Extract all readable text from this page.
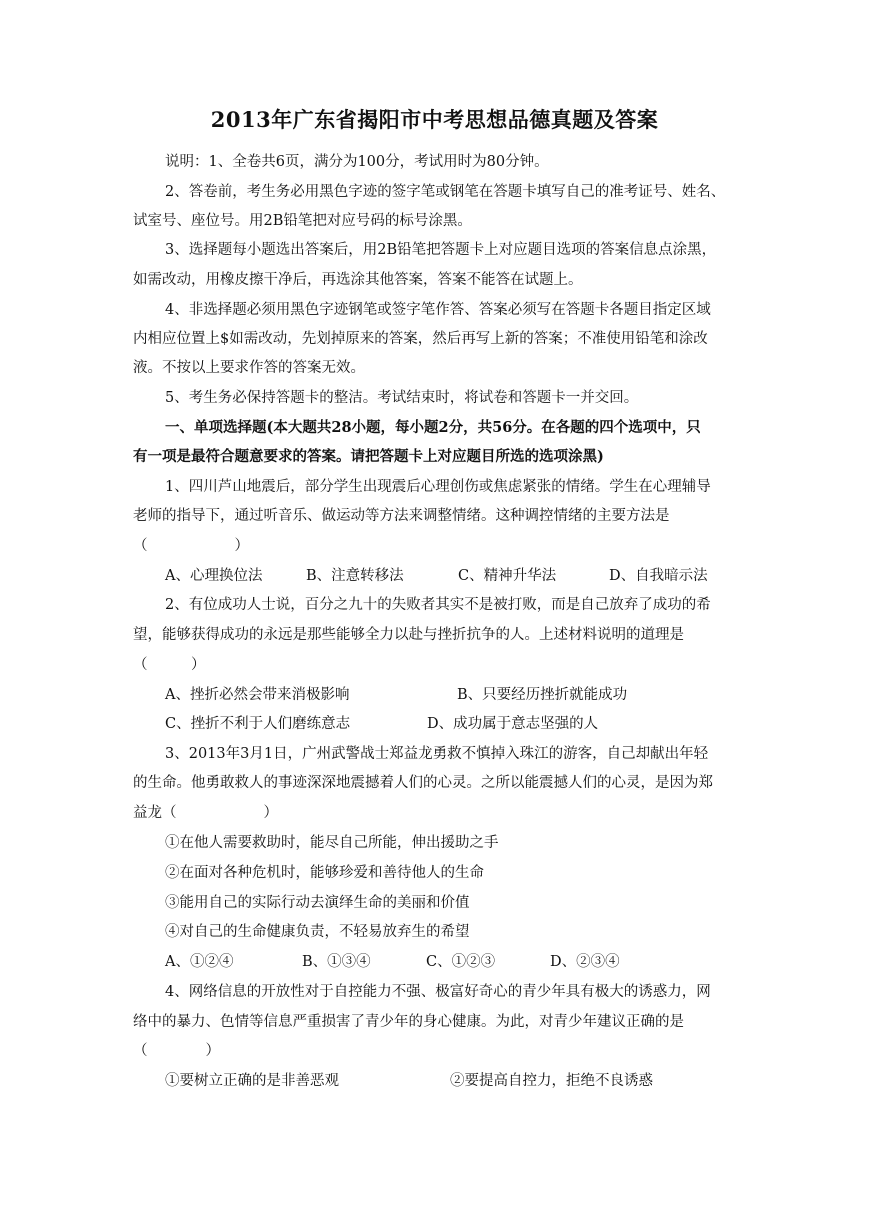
2013年广东省揭阳市中考思想品德真题及答案
说明：1、全卷共6页，满分为100分，考试用时为80分钟。
2、答卷前，考生务必用黑色字迹的签字笔或钢笔在答题卡填写自己的准考证号、姓名、
试室号、座位号。用2B铅笔把对应号码的标号涂黑。
3、选择题每小题选出答案后，用2B铅笔把答题卡上对应题目选项的答案信息点涂黑，
如需改动，用橡皮擦干净后，再选涂其他答案，答案不能答在试题上。
4、非选择题必须用黑色字迹钢笔或签字笔作答、答案必须写在答题卡各题目指定区域
内相应位置上$如需改动，先划掉原来的答案，然后再写上新的答案；不准使用铅笔和涂改
液。不按以上要求作答的答案无效。
5、考生务必保持答题卡的整洁。考试结束时，将试卷和答题卡一并交回。
一、单项选择题(本大题共28小题，每小题2分，共56分。在各题的四个选项中，只
有一项是最符合题意要求的答案。请把答题卡上对应题目所选的选项涂黑)
1、四川芦山地震后，部分学生出现震后心理创伤或焦虑紧张的情绪。学生在心理辅导
老师的指导下，通过听音乐、做运动等方法来调整情绪。这种调控情绪的主要方法是
（　　　　　　）
A、心理换位法	B、注意转移法	C、精神升华法	D、自我暗示法
2、有位成功人士说，百分之九十的失败者其实不是被打败，而是自己放弃了成功的希
望，能够获得成功的永远是那些能够全力以赴与挫折抗争的人。上述材料说明的道理是
（　　　）
A、挫折必然会带来消极影响	B、只要经历挫折就能成功
C、挫折不利于人们磨练意志	D、成功属于意志坚强的人
3、2013年3月1日，广州武警战士郑益龙勇救不慎掉入珠江的游客，自己却献出年轻
的生命。他勇敢救人的事迹深深地震撼着人们的心灵。之所以能震撼人们的心灵，是因为郑
益龙（　　　　　　）
①在他人需要救助时，能尽自己所能，伸出援助之手
②在面对各种危机时，能够珍爱和善待他人的生命
③能用自己的实际行动去演绎生命的美丽和价值
④对自己的生命健康负责，不轻易放弃生的希望
A、①②④	B、①③④	C、①②③	D、②③④
4、网络信息的开放性对于自控能力不强、极富好奇心的青少年具有极大的诱惑力，网
络中的暴力、色情等信息严重损害了青少年的身心健康。为此，对青少年建议正确的是
（　　　　）
①要树立正确的是非善恶观	②要提高自控力，拒绝不良诱惑
